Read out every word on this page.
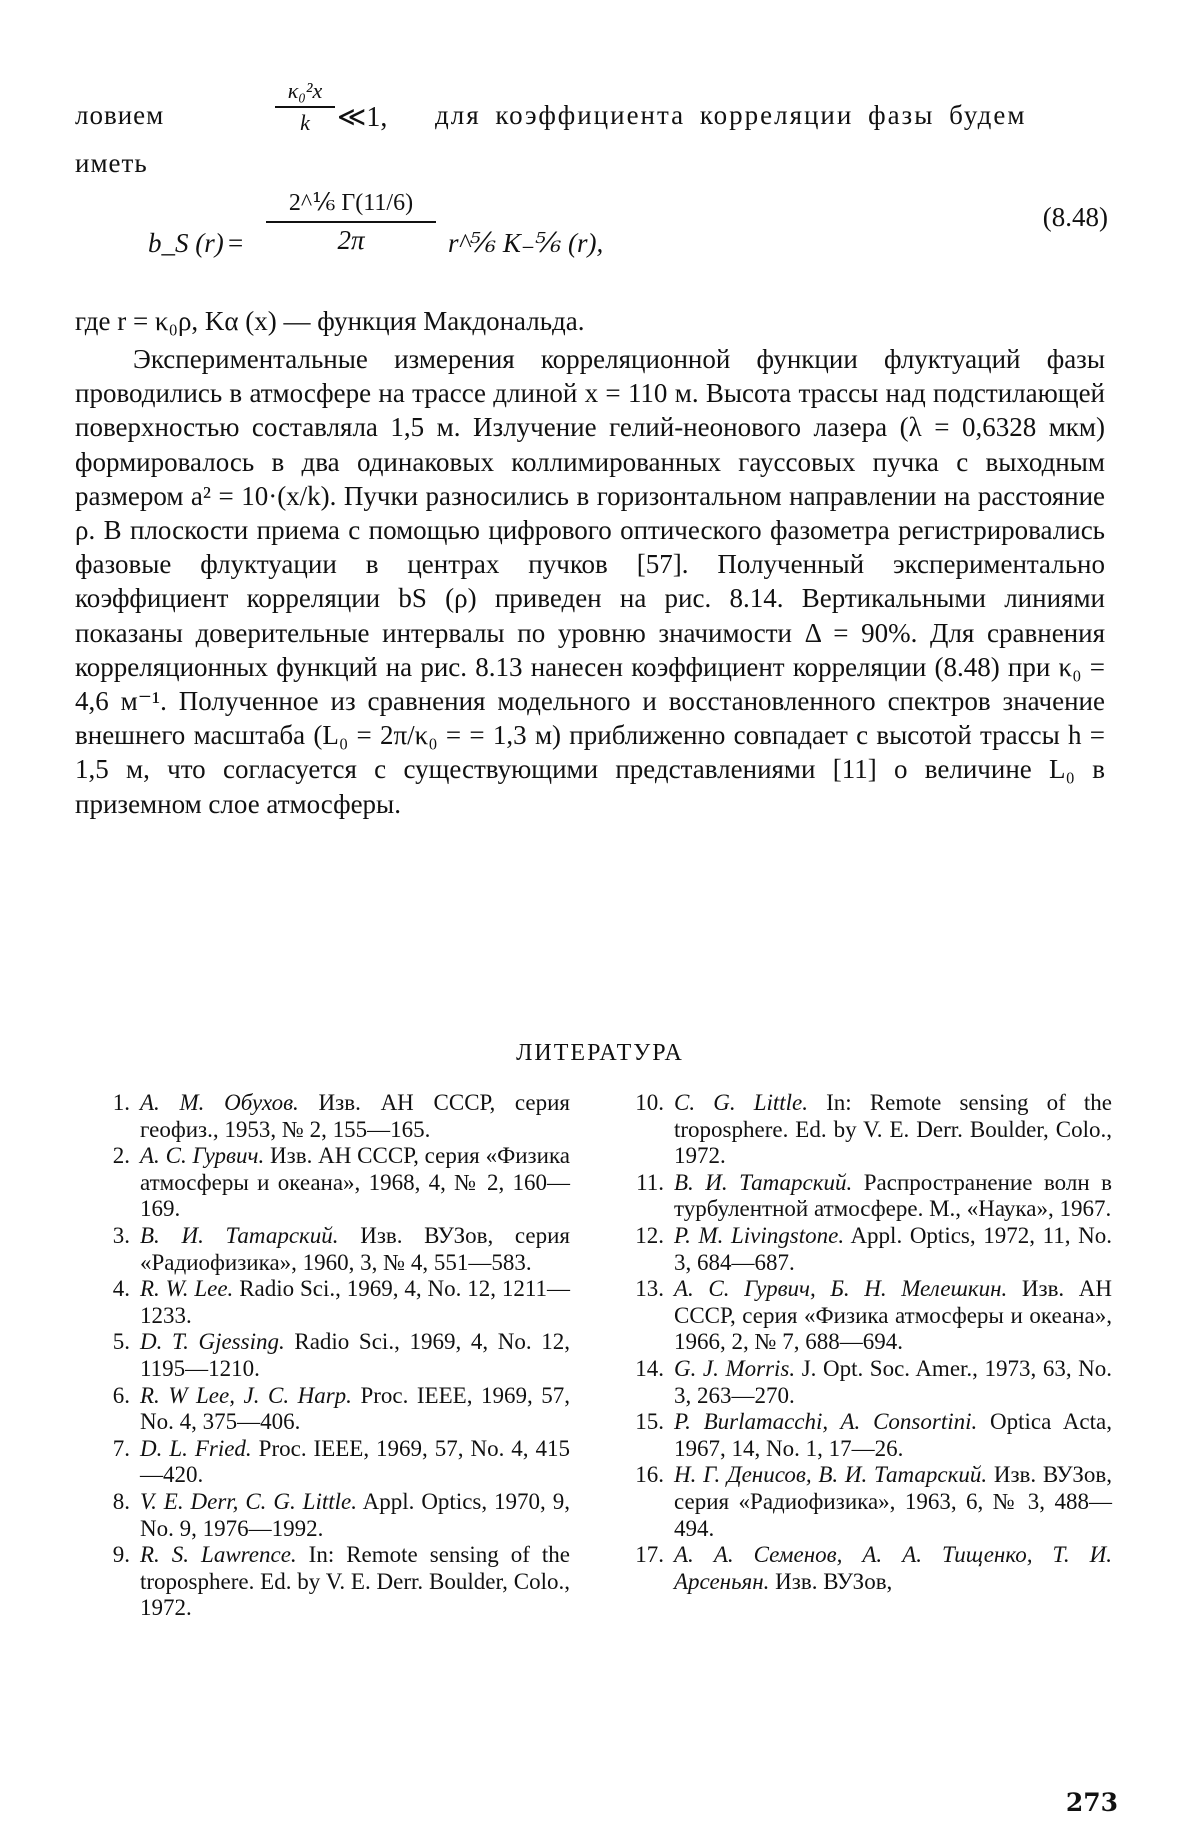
ловием	$\frac{\text{κ₀²x}}{k}$ ≪1, для коэффициента корреляции фазы будем
иметь
b_S $(r) = \frac{\text{2\textasciicircum{}⅙ Γ(11/6)}}{2\pi}$ r^⅚ K₋⅚ (r),
(8.48)
где r = κ₀ρ, Kα (x) — функция Макдональда.
Экспериментальные измерения корреляционной функции флуктуаций фазы проводились в атмосфере на трассе длиной x = 110 м. Высота трассы над подстилающей поверхностью составляла 1,5 м. Излучение гелий-неонового лазера (λ = 0,6328 мкм) формировалось в два одинаковых коллимированных гауссовых пучка с выходным размером a² = 10·(x/k). Пучки разносились в горизонтальном направлении на расстояние ρ. В плоскости приема с помощью цифрового оптического фазометра регистрировались фазовые флуктуации в центрах пучков [57]. Полученный экспериментально коэффициент корреляции bS (ρ) приведен на рис. 8.14. Вертикальными линиями показаны доверительные интервалы по уровню значимости Δ = 90%. Для сравнения корреляционных функций на рис. 8.13 нанесен коэффициент корреляции (8.48) при κ₀ = 4,6 м⁻¹. Полученное из сравнения модельного и восстановленного спектров значение внешнего масштаба (L₀ = 2π/κ₀ = = 1,3 м) приближенно совпадает с высотой трассы h = 1,5 м, что согласуется с существующими представлениями [11] о величине L₀ в приземном слое атмосферы.
ЛИТЕРАТУРА
1. А. М. Обухов. Изв. АН СССР, серия геофиз., 1953, № 2, 155—165.
2. А. С. Гурвич. Изв. АН СССР, серия «Физика атмосферы и океана», 1968, 4, № 2, 160—169.
3. В. И. Татарский. Изв. ВУЗов, серия «Радиофизика», 1960, 3, № 4, 551—583.
4. R. W. Lee. Radio Sci., 1969, 4, No. 12, 1211—1233.
5. D. T. Gjessing. Radio Sci., 1969, 4, No. 12, 1195—1210.
6. R. W Lee, J. C. Harp. Proc. IEEE, 1969, 57, No. 4, 375—406.
7. D. L. Fried. Proc. IEEE, 1969, 57, No. 4, 415—420.
8. V. E. Derr, C. G. Little. Appl. Optics, 1970, 9, No. 9, 1976—1992.
9. R. S. Lawrence. In: Remote sensing of the troposphere. Ed. by V. E. Derr. Boulder, Colo., 1972.
10. C. G. Little. In: Remote sensing of the troposphere. Ed. by V. E. Derr. Boulder, Colo., 1972.
11. В. И. Татарский. Распространение волн в турбулентной атмосфере. М., «Наука», 1967.
12. P. M. Livingstone. Appl. Optics, 1972, 11, No. 3, 684—687.
13. А. С. Гурвич, Б. Н. Мелешкин. Изв. АН СССР, серия «Физика атмосферы и океана», 1966, 2, № 7, 688—694.
14. G. J. Morris. J. Opt. Soc. Amer., 1973, 63, No. 3, 263—270.
15. P. Burlamacchi, A. Consortini. Optica Acta, 1967, 14, No. 1, 17—26.
16. Н. Г. Денисов, В. И. Татарский. Изв. ВУЗов, серия «Радиофизика», 1963, 6, № 3, 488—494.
17. А. А. Семенов, А. А. Тищенко, Т. И. Арсеньян. Изв. ВУЗов,
273
